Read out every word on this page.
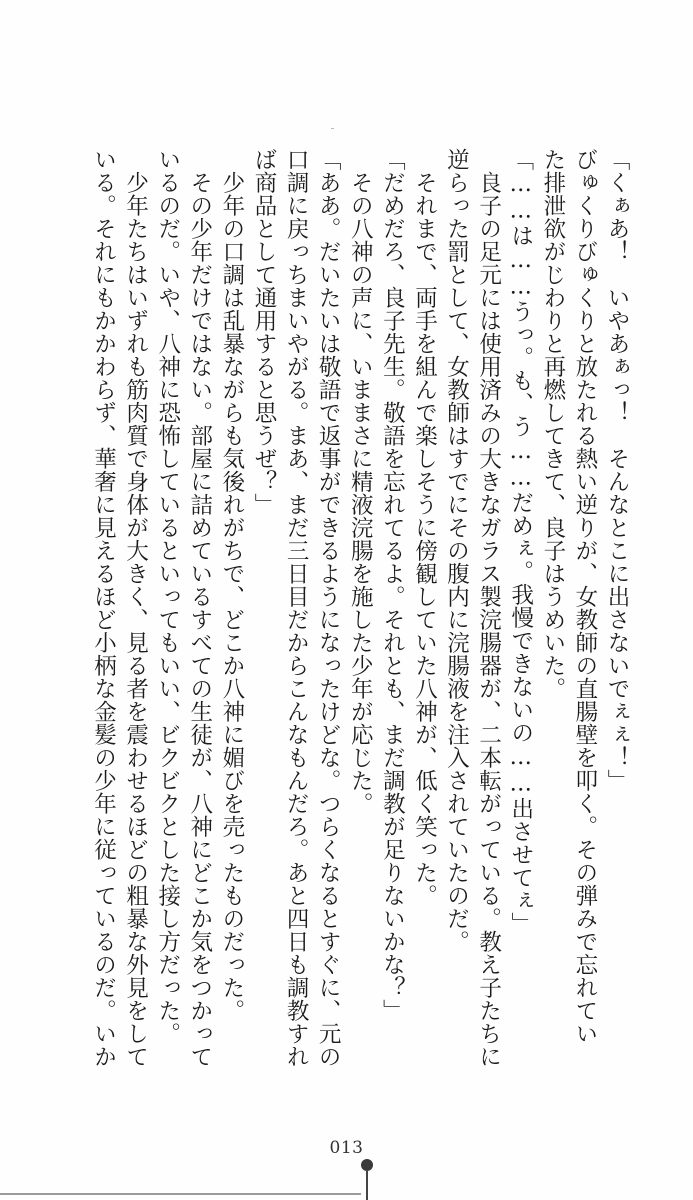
「くぁあ！　いやあぁっ！　そんなとこに出さないでぇぇ！」

びゅくりびゅくりと放たれる熱い逆りが、女教師の直腸壁を叩く。その弾みで忘れてい

た排泄欲がじわりと再燃してきて、良子はうめいた。

「……は……うっ。も、う……だめぇ。我慢できないの……出させてぇ」

　良子の足元には使用済みの大きなガラス製浣腸器が、二本転がっている。教え子たちに

逆らった罰として、女教師はすでにその腹内に浣腸液を注入されていたのだ。

　それまで、両手を組んで楽しそうに傍観していた八神が、低く笑った。

「だめだろ、良子先生。敬語を忘れてるよ。それとも、まだ調教が足りないかな？」

　その八神の声に、いままさに精液浣腸を施した少年が応じた。

「ああ。だいたいは敬語で返事ができるようになったけどな。つらくなるとすぐに、元の

口調に戻っちまいやがる。まあ、まだ三日目だからこんなもんだろ。あと四日も調教すれ

ば商品として通用すると思うぜ？」

　少年の口調は乱暴ながらも気後れがちで、どこか八神に媚びを売ったものだった。

　その少年だけではない。部屋に詰めているすべての生徒が、八神にどこか気をつかって

いるのだ。いや、八神に恐怖しているといってもいい、ビクビクとした接し方だった。

　少年たちはいずれも筋肉質で身体が大きく、見る者を震わせるほどの粗暴な外見をして

いる。それにもかかわらず、華奢に見えるほど小柄な金髪の少年に従っているのだ。いか

013
